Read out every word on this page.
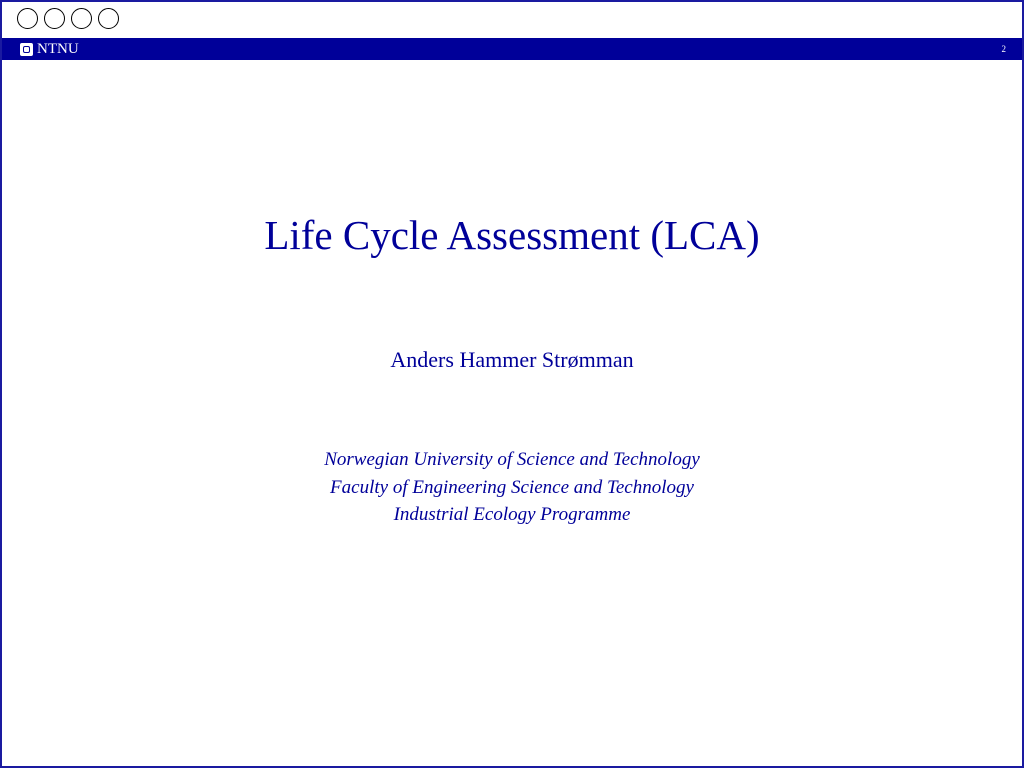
NTNU	2
Life Cycle Assessment (LCA)
Anders Hammer Strømman
Norwegian University of Science and Technology
Faculty of Engineering Science and Technology
Industrial Ecology Programme
